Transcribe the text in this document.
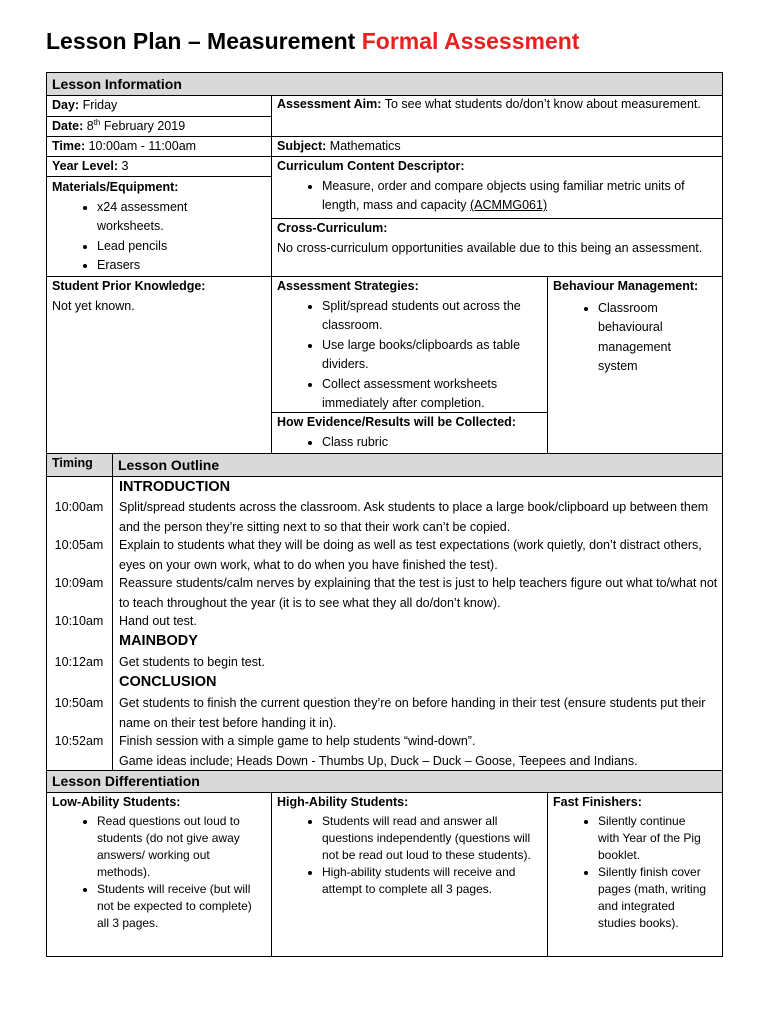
Lesson Plan – Measurement Formal Assessment
Lesson Information
Day: Friday
Date: 8th February 2019
Time: 10:00am - 11:00am
Year Level: 3
Materials/Equipment:
• x24 assessment worksheets.
• Lead pencils
• Erasers
Assessment Aim: To see what students do/don’t know about measurement.
Subject: Mathematics
Curriculum Content Descriptor:
• Measure, order and compare objects using familiar metric units of length, mass and capacity (ACMMG061)
Cross-Curriculum:
No cross-curriculum opportunities available due to this being an assessment.
Student Prior Knowledge:
Not yet known.
Assessment Strategies:
• Split/spread students out across the classroom.
• Use large books/clipboards as table dividers.
• Collect assessment worksheets immediately after completion.
How Evidence/Results will be Collected:
• Class rubric
Behaviour Management:
• Classroom behavioural management system
Timing	Lesson Outline
INTRODUCTION
10:00am	Split/spread students across the classroom. Ask students to place a large book/clipboard up between them and the person they’re sitting next to so that their work can’t be copied.
10:05am	Explain to students what they will be doing as well as test expectations (work quietly, don’t distract others, eyes on your own work, what to do when you have finished the test).
10:09am	Reassure students/calm nerves by explaining that the test is just to help teachers figure out what to/what not to teach throughout the year (it is to see what they all do/don’t know).
10:10am	Hand out test.
MAINBODY
10:12am	Get students to begin test.
CONCLUSION
10:50am	Get students to finish the current question they’re on before handing in their test (ensure students put their name on their test before handing it in).
10:52am	Finish session with a simple game to help students “wind-down”.
Game ideas include; Heads Down - Thumbs Up, Duck – Duck – Goose, Teepees and Indians.
Lesson Differentiation
Low-Ability Students:
• Read questions out loud to students (do not give away answers/ working out methods).
• Students will receive (but will not be expected to complete) all 3 pages.
High-Ability Students:
• Students will read and answer all questions independently (questions will not be read out loud to these students).
• High-ability students will receive and attempt to complete all 3 pages.
Fast Finishers:
• Silently continue with Year of the Pig booklet.
• Silently finish cover pages (math, writing and integrated studies books).
